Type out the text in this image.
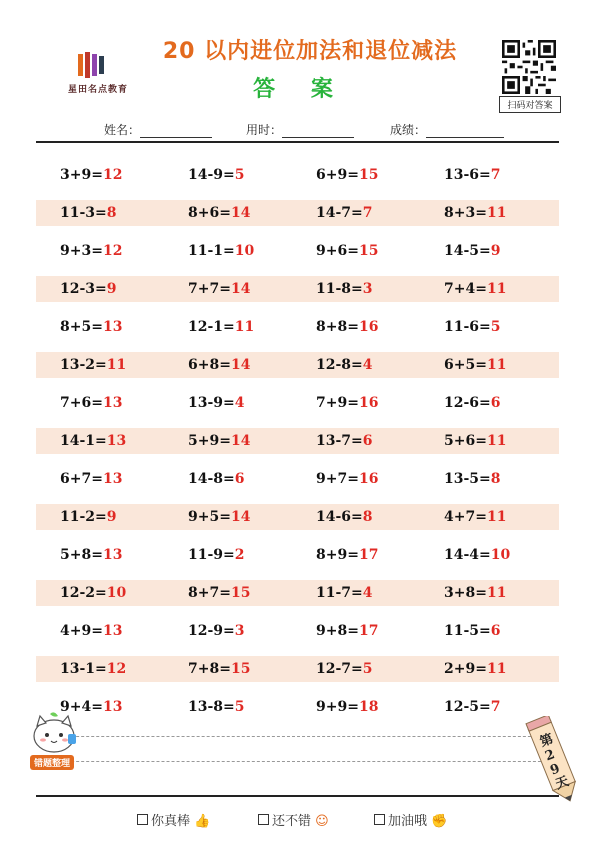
星田名点教育
20 以内进位加法和退位减法
答 案
扫码对答案
姓名：	用时：	成绩：
3+9=12	14-9=5	6+9=15	13-6=7
11-3=8	8+6=14	14-7=7	8+3=11
9+3=12	11-1=10	9+6=15	14-5=9
12-3=9	7+7=14	11-8=3	7+4=11
8+5=13	12-1=11	8+8=16	11-6=5
13-2=11	6+8=14	12-8=4	6+5=11
7+6=13	13-9=4	7+9=16	12-6=6
14-1=13	5+9=14	13-7=6	5+6=11
6+7=13	14-8=6	9+7=16	13-5=8
11-2=9	9+5=14	14-6=8	4+7=11
5+8=13	11-9=2	8+9=17	14-4=10
12-2=10	8+7=15	11-7=4	3+8=11
4+9=13	12-9=3	9+8=17	11-5=6
13-1=12	7+8=15	12-7=5	2+9=11
9+4=13	13-8=5	9+9=18	12-5=7
错题整理
第29天
你真棒 👍	还不错 ☺	加油哦 ✊
